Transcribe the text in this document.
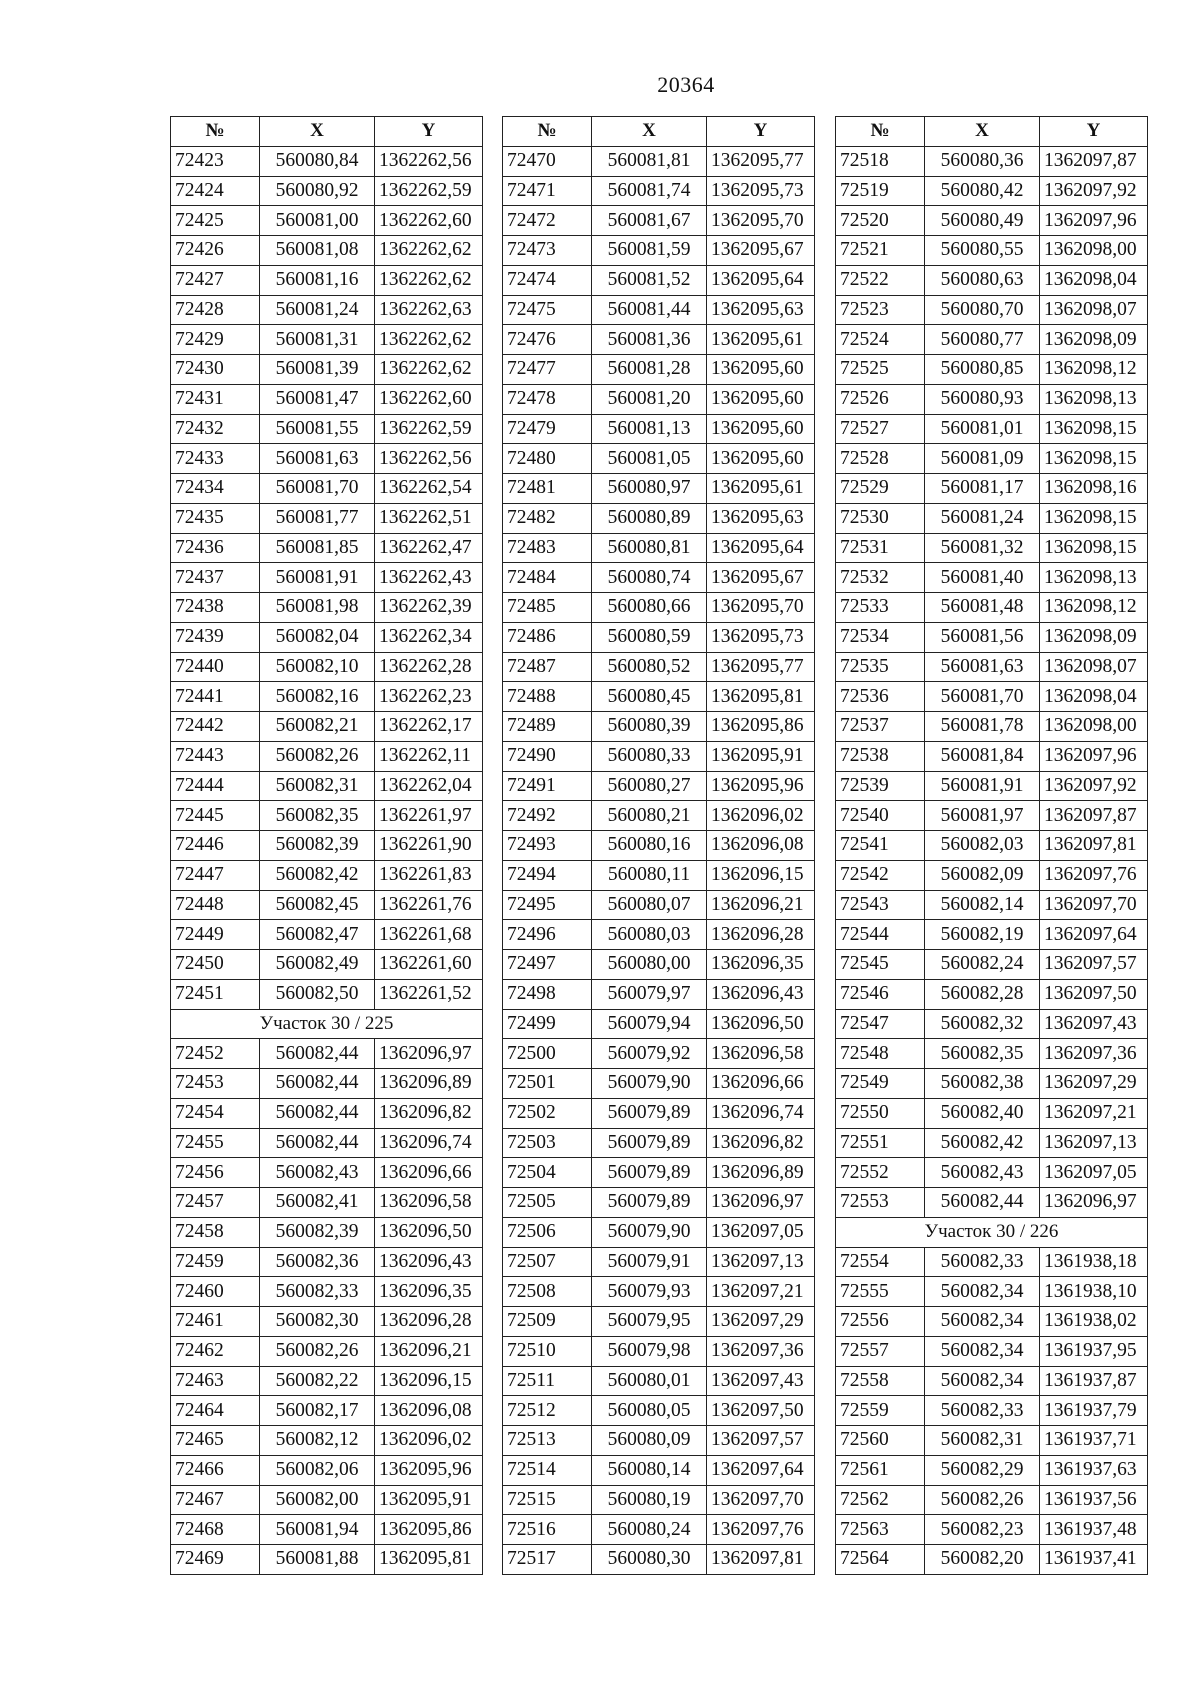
20364
№	X	Y
72423	560080,84	1362262,56
72424	560080,92	1362262,59
72425	560081,00	1362262,60
72426	560081,08	1362262,62
72427	560081,16	1362262,62
72428	560081,24	1362262,63
72429	560081,31	1362262,62
72430	560081,39	1362262,62
72431	560081,47	1362262,60
72432	560081,55	1362262,59
72433	560081,63	1362262,56
72434	560081,70	1362262,54
72435	560081,77	1362262,51
72436	560081,85	1362262,47
72437	560081,91	1362262,43
72438	560081,98	1362262,39
72439	560082,04	1362262,34
72440	560082,10	1362262,28
72441	560082,16	1362262,23
72442	560082,21	1362262,17
72443	560082,26	1362262,11
72444	560082,31	1362262,04
72445	560082,35	1362261,97
72446	560082,39	1362261,90
72447	560082,42	1362261,83
72448	560082,45	1362261,76
72449	560082,47	1362261,68
72450	560082,49	1362261,60
72451	560082,50	1362261,52
Участок 30 / 225		
72452	560082,44	1362096,97
72453	560082,44	1362096,89
72454	560082,44	1362096,82
72455	560082,44	1362096,74
72456	560082,43	1362096,66
72457	560082,41	1362096,58
72458	560082,39	1362096,50
72459	560082,36	1362096,43
72460	560082,33	1362096,35
72461	560082,30	1362096,28
72462	560082,26	1362096,21
72463	560082,22	1362096,15
72464	560082,17	1362096,08
72465	560082,12	1362096,02
72466	560082,06	1362095,96
72467	560082,00	1362095,91
72468	560081,94	1362095,86
72469	560081,88	1362095,81
№	X	Y
72470	560081,81	1362095,77
72471	560081,74	1362095,73
72472	560081,67	1362095,70
72473	560081,59	1362095,67
72474	560081,52	1362095,64
72475	560081,44	1362095,63
72476	560081,36	1362095,61
72477	560081,28	1362095,60
72478	560081,20	1362095,60
72479	560081,13	1362095,60
72480	560081,05	1362095,60
72481	560080,97	1362095,61
72482	560080,89	1362095,63
72483	560080,81	1362095,64
72484	560080,74	1362095,67
72485	560080,66	1362095,70
72486	560080,59	1362095,73
72487	560080,52	1362095,77
72488	560080,45	1362095,81
72489	560080,39	1362095,86
72490	560080,33	1362095,91
72491	560080,27	1362095,96
72492	560080,21	1362096,02
72493	560080,16	1362096,08
72494	560080,11	1362096,15
72495	560080,07	1362096,21
72496	560080,03	1362096,28
72497	560080,00	1362096,35
72498	560079,97	1362096,43
72499	560079,94	1362096,50
72500	560079,92	1362096,58
72501	560079,90	1362096,66
72502	560079,89	1362096,74
72503	560079,89	1362096,82
72504	560079,89	1362096,89
72505	560079,89	1362096,97
72506	560079,90	1362097,05
72507	560079,91	1362097,13
72508	560079,93	1362097,21
72509	560079,95	1362097,29
72510	560079,98	1362097,36
72511	560080,01	1362097,43
72512	560080,05	1362097,50
72513	560080,09	1362097,57
72514	560080,14	1362097,64
72515	560080,19	1362097,70
72516	560080,24	1362097,76
72517	560080,30	1362097,81
№	X	Y
72518	560080,36	1362097,87
72519	560080,42	1362097,92
72520	560080,49	1362097,96
72521	560080,55	1362098,00
72522	560080,63	1362098,04
72523	560080,70	1362098,07
72524	560080,77	1362098,09
72525	560080,85	1362098,12
72526	560080,93	1362098,13
72527	560081,01	1362098,15
72528	560081,09	1362098,15
72529	560081,17	1362098,16
72530	560081,24	1362098,15
72531	560081,32	1362098,15
72532	560081,40	1362098,13
72533	560081,48	1362098,12
72534	560081,56	1362098,09
72535	560081,63	1362098,07
72536	560081,70	1362098,04
72537	560081,78	1362098,00
72538	560081,84	1362097,96
72539	560081,91	1362097,92
72540	560081,97	1362097,87
72541	560082,03	1362097,81
72542	560082,09	1362097,76
72543	560082,14	1362097,70
72544	560082,19	1362097,64
72545	560082,24	1362097,57
72546	560082,28	1362097,50
72547	560082,32	1362097,43
72548	560082,35	1362097,36
72549	560082,38	1362097,29
72550	560082,40	1362097,21
72551	560082,42	1362097,13
72552	560082,43	1362097,05
72553	560082,44	1362096,97
Участок 30 / 226		
72554	560082,33	1361938,18
72555	560082,34	1361938,10
72556	560082,34	1361938,02
72557	560082,34	1361937,95
72558	560082,34	1361937,87
72559	560082,33	1361937,79
72560	560082,31	1361937,71
72561	560082,29	1361937,63
72562	560082,26	1361937,56
72563	560082,23	1361937,48
72564	560082,20	1361937,41
